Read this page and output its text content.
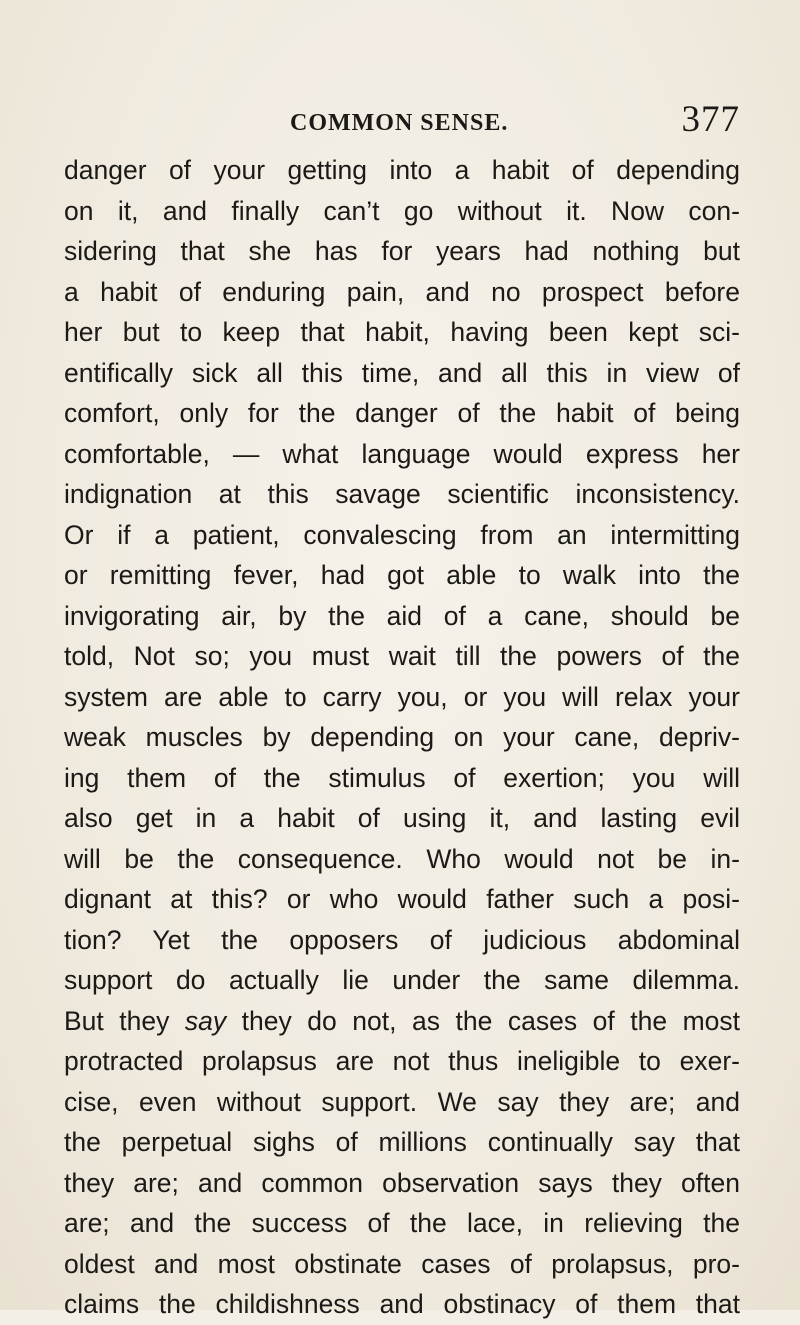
COMMON SENSE.	377
danger of your getting into a habit of depending
on it, and finally can’t go without it. Now con-
sidering that she has for years had nothing but
a habit of enduring pain, and no prospect before
her but to keep that habit, having been kept sci-
entifically sick all this time, and all this in view of
comfort, only for the danger of the habit of being
comfortable, — what language would express her
indignation at this savage scientific inconsistency.
Or if a patient, convalescing from an intermitting
or remitting fever, had got able to walk into the
invigorating air, by the aid of a cane, should be
told, Not so; you must wait till the powers of the
system are able to carry you, or you will relax your
weak muscles by depending on your cane, depriv-
ing them of the stimulus of exertion; you will
also get in a habit of using it, and lasting evil
will be the consequence. Who would not be in-
dignant at this? or who would father such a posi-
tion? Yet the opposers of judicious abdominal
support do actually lie under the same dilemma.
But they say they do not, as the cases of the most
protracted prolapsus are not thus ineligible to exer-
cise, even without support. We say they are; and
the perpetual sighs of millions continually say that
they are; and common observation says they often
are; and the success of the lace, in relieving the
oldest and most obstinate cases of prolapsus, pro-
claims the childishness and obstinacy of them that
